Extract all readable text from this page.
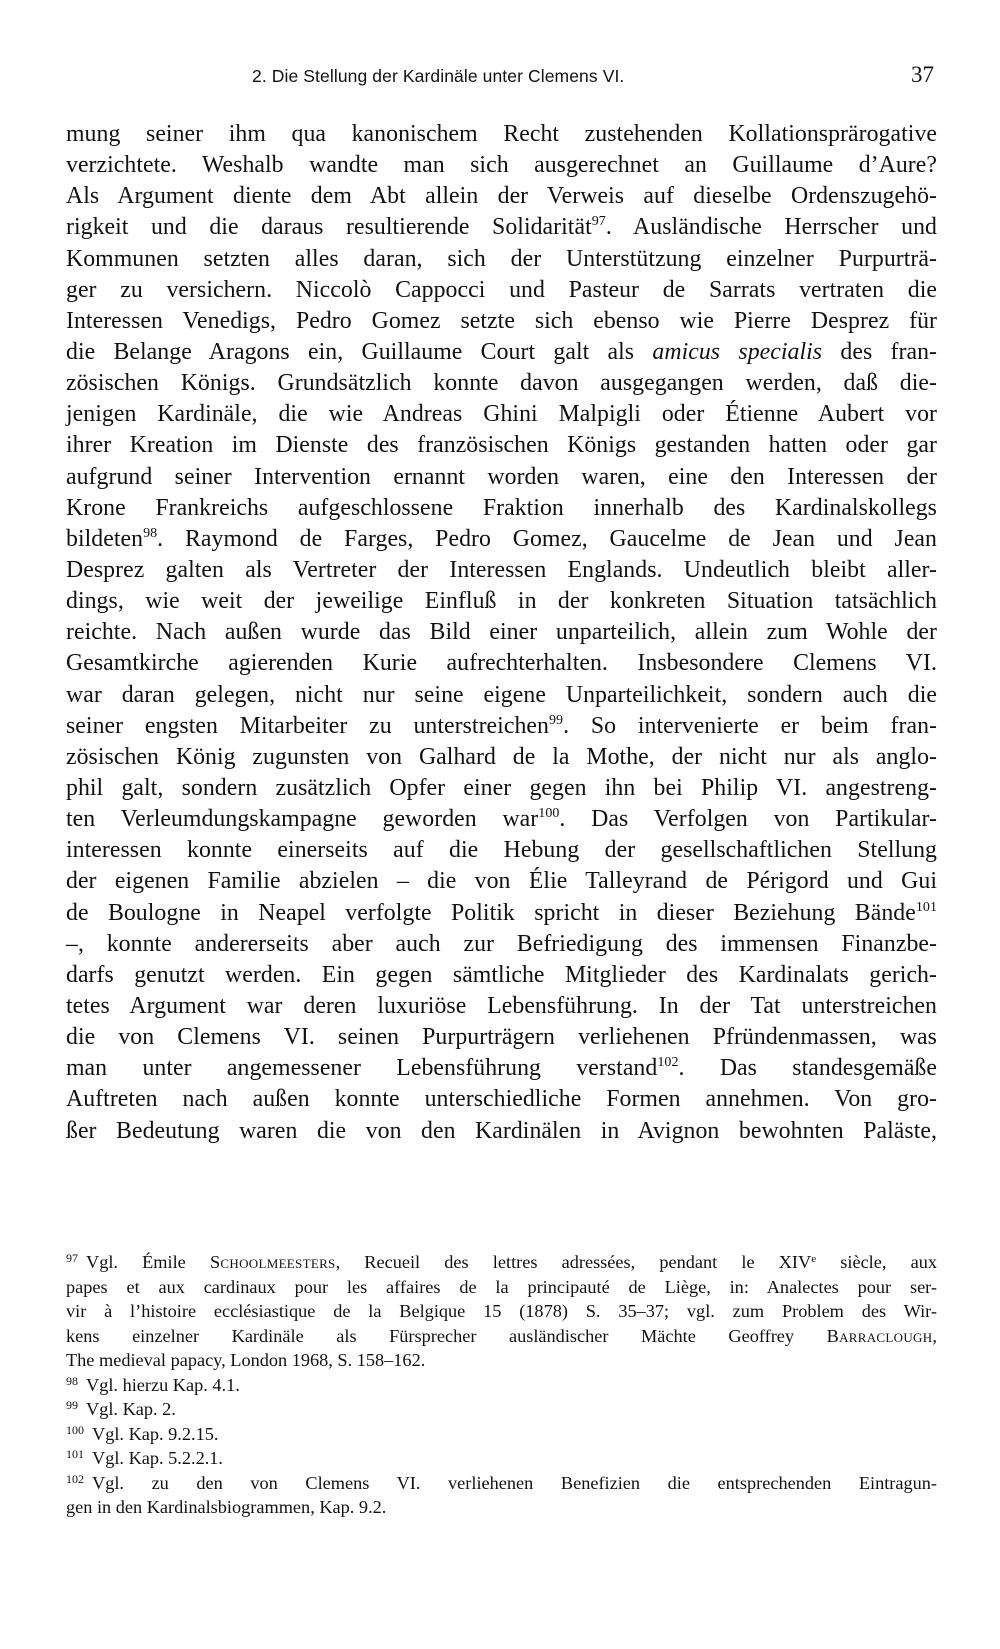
2. Die Stellung der Kardinäle unter Clemens VI.	37
mung seiner ihm qua kanonischem Recht zustehenden Kollationsprärogative
verzichtete. Weshalb wandte man sich ausgerechnet an Guillaume d’Aure?
Als Argument diente dem Abt allein der Verweis auf dieselbe Ordenszugehö-
rigkeit und die daraus resultierende Solidarität$^{97}$. Ausländische Herrscher und
Kommunen setzten alles daran, sich der Unterstützung einzelner Purpurträ-
ger zu versichern. Niccolò Cappocci und Pasteur de Sarrats vertraten die
Interessen Venedigs, Pedro Gomez setzte sich ebenso wie Pierre Desprez für
die Belange Aragons ein, Guillaume Court galt als amicus specialis des fran-
zösischen Königs. Grundsätzlich konnte davon ausgegangen werden, daß die-
jenigen Kardinäle, die wie Andreas Ghini Malpigli oder Étienne Aubert vor
ihrer Kreation im Dienste des französischen Königs gestanden hatten oder gar
aufgrund seiner Intervention ernannt worden waren, eine den Interessen der
Krone Frankreichs aufgeschlossene Fraktion innerhalb des Kardinalskollegs
bildeten$^{98}$. Raymond de Farges, Pedro Gomez, Gaucelme de Jean und Jean
Desprez galten als Vertreter der Interessen Englands. Undeutlich bleibt aller-
dings, wie weit der jeweilige Einfluß in der konkreten Situation tatsächlich
reichte. Nach außen wurde das Bild einer unparteilich, allein zum Wohle der
Gesamtkirche agierenden Kurie aufrechterhalten. Insbesondere Clemens VI.
war daran gelegen, nicht nur seine eigene Unparteilichkeit, sondern auch die
seiner engsten Mitarbeiter zu unterstreichen$^{99}$. So intervenierte er beim fran-
zösischen König zugunsten von Galhard de la Mothe, der nicht nur als anglo-
phil galt, sondern zusätzlich Opfer einer gegen ihn bei Philip VI. angestreng-
ten Verleumdungskampagne geworden war$^{100}$. Das Verfolgen von Partikular-
interessen konnte einerseits auf die Hebung der gesellschaftlichen Stellung
der eigenen Familie abzielen – die von Élie Talleyrand de Périgord und Gui
de Boulogne in Neapel verfolgte Politik spricht in dieser Beziehung Bände$^{101}$
–, konnte andererseits aber auch zur Befriedigung des immensen Finanzbe-
darfs genutzt werden. Ein gegen sämtliche Mitglieder des Kardinalats gerich-
tetes Argument war deren luxuriöse Lebensführung. In der Tat unterstreichen
die von Clemens VI. seinen Purpurträgern verliehenen Pfründenmassen, was
man unter angemessener Lebensführung verstand$^{102}$. Das standesgemäße
Auftreten nach außen konnte unterschiedliche Formen annehmen. Von gro-
ßer Bedeutung waren die von den Kardinälen in Avignon bewohnten Paläste,
$^{97}$ Vgl. Émile Schoolmeesters, Recueil des lettres adressées, pendant le XIVe siècle, aux
papes et aux cardinaux pour les affaires de la principauté de Liège, in: Analectes pour ser-
vir à l’histoire ecclésiastique de la Belgique 15 (1878) S. 35–37; vgl. zum Problem des Wir-
kens einzelner Kardinäle als Fürsprecher ausländischer Mächte Geoffrey Barraclough,
The medieval papacy, London 1968, S. 158–162.
$^{98}$ Vgl. hierzu Kap. 4.1.
$^{99}$ Vgl. Kap. 2.
$^{100}$ Vgl. Kap. 9.2.15.
$^{101}$ Vgl. Kap. 5.2.2.1.
$^{102}$ Vgl. zu den von Clemens VI. verliehenen Benefizien die entsprechenden Eintragun-
gen in den Kardinalsbiogrammen, Kap. 9.2.
